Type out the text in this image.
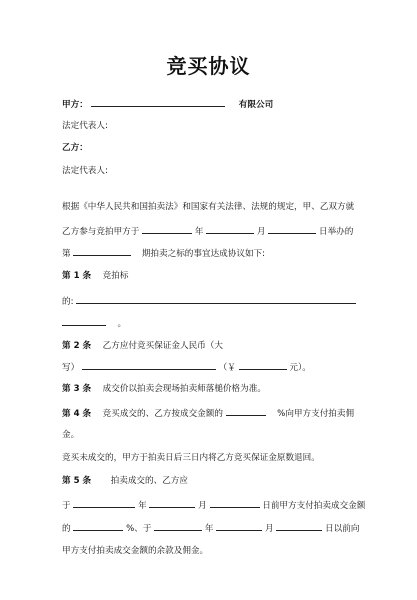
竞买协议
甲方：	有限公司
法定代表人:
乙方：
法定代表人:
根据《中华人民共和国拍卖法》和国家有关法律、法规的规定，甲、乙双方就
乙方参与竞拍甲方于	年	月	日举办的
第	期拍卖之标的事宜达成协议如下:
第 1 条 竞拍标
的:
。
第 2 条 乙方应付竞买保证金人民币（大
写）	（￥	元）。
第 3 条 成交价以拍卖会现场拍卖师落槌价格为准。
第 4 条 竞买成交的、乙方按成交金额的	%向甲方支付拍卖佣
金。
竞买未成交的，甲方于拍卖日后三日内将乙方竞买保证金原数退回。
第 5 条 拍卖成交的、乙方应
于	年	月	日前甲方支付拍卖成交金额
的	%、于	年	月	日以前向
甲方支付拍卖成交金额的余款及佣金。
